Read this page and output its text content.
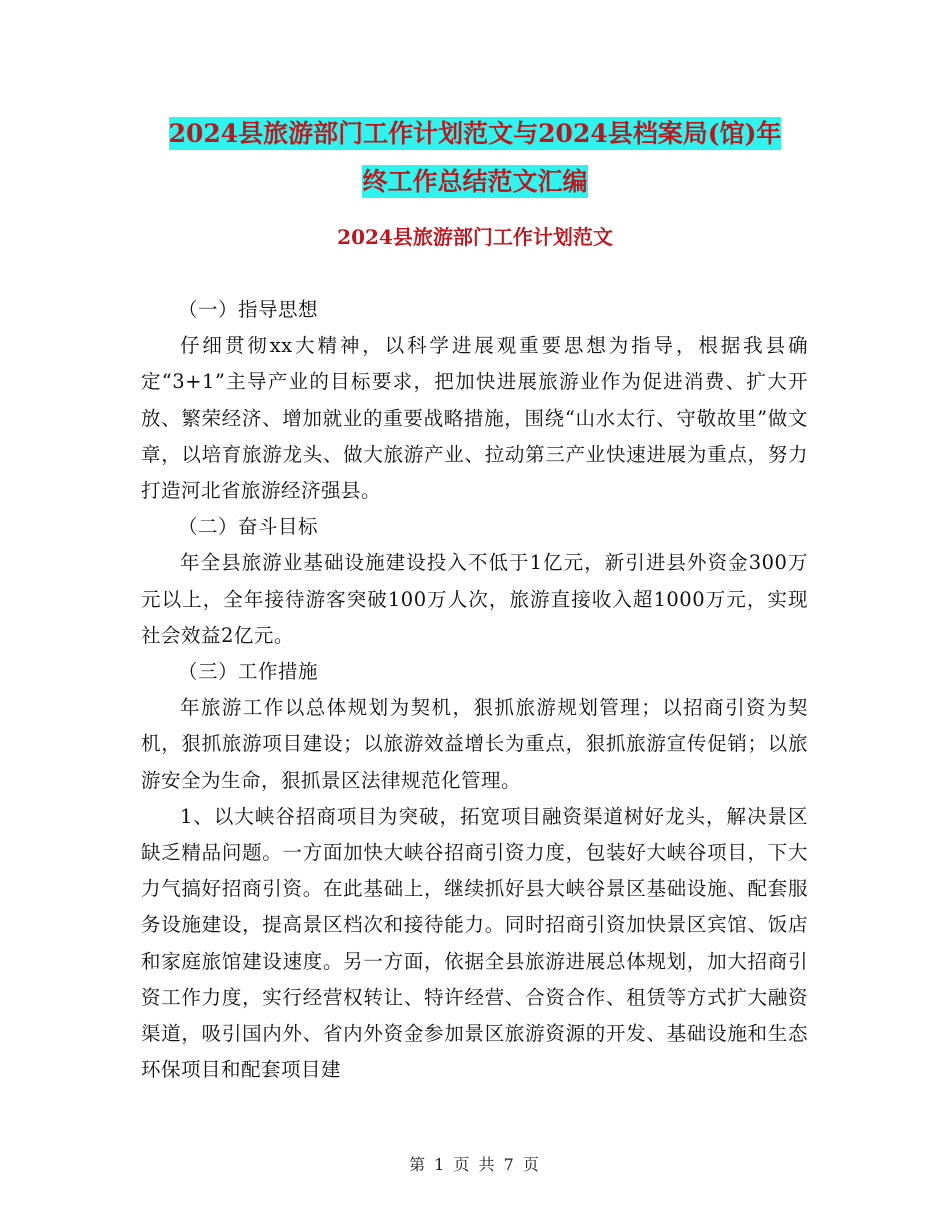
2024县旅游部门工作计划范文与2024县档案局(馆)年
终工作总结范文汇编
2024县旅游部门工作计划范文

（一）指导思想

仔细贯彻xx大精神，以科学进展观重要思想为指导，根据我县确定“3+1”主导产业的目标要求，把加快进展旅游业作为促进消费、扩大开放、繁荣经济、增加就业的重要战略措施，围绕“山水太行、守敬故里”做文章，以培育旅游龙头、做大旅游产业、拉动第三产业快速进展为重点，努力打造河北省旅游经济强县。

（二）奋斗目标

年全县旅游业基础设施建设投入不低于1亿元，新引进县外资金300万元以上，全年接待游客突破100万人次，旅游直接收入超1000万元，实现社会效益2亿元。

（三）工作措施

年旅游工作以总体规划为契机，狠抓旅游规划管理；以招商引资为契机，狠抓旅游项目建设；以旅游效益增长为重点，狠抓旅游宣传促销；以旅游安全为生命，狠抓景区法律规范化管理。

1、以大峡谷招商项目为突破，拓宽项目融资渠道树好龙头，解决景区缺乏精品问题。一方面加快大峡谷招商引资力度，包装好大峡谷项目，下大力气搞好招商引资。在此基础上，继续抓好县大峡谷景区基础设施、配套服务设施建设，提高景区档次和接待能力。同时招商引资加快景区宾馆、饭店和家庭旅馆建设速度。另一方面，依据全县旅游进展总体规划，加大招商引资工作力度，实行经营权转让、特许经营、合资合作、租赁等方式扩大融资渠道，吸引国内外、省内外资金参加景区旅游资源的开发、基础设施和生态环保项目和配套项目建

第 1 页 共 7 页
